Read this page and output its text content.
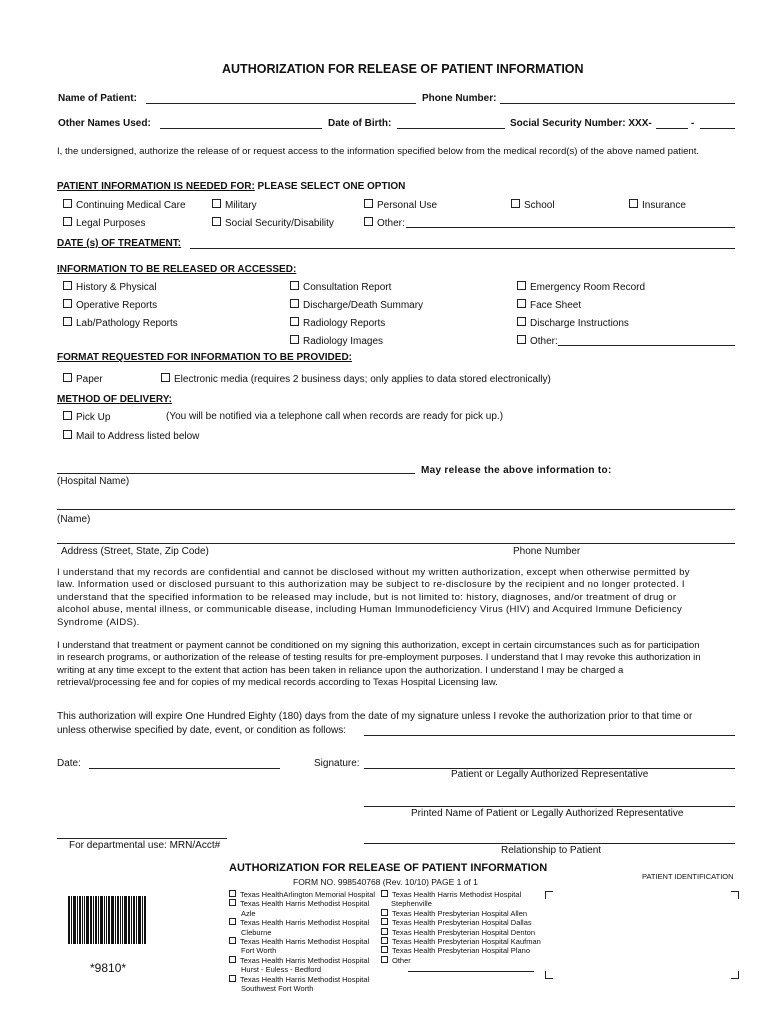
AUTHORIZATION FOR RELEASE OF PATIENT INFORMATION
Name of Patient:	Phone Number:
Other Names Used:	Date of Birth:	Social Security Number: XXX-	-
I, the undersigned, authorize the release of or request access to the information specified below from the medical record(s) of the above named patient.
PATIENT INFORMATION IS NEEDED FOR: PLEASE SELECT ONE OPTION
Continuing Medical Care	Military	Personal Use	School	Insurance
Legal Purposes	Social Security/Disability	Other:
DATE (s) OF TREATMENT:
INFORMATION TO BE RELEASED OR ACCESSED:
History & Physical
Operative Reports
Lab/Pathology Reports
Consultation Report
Discharge/Death Summary
Radiology Reports
Radiology Images
Emergency Room Record
Face Sheet
Discharge Instructions
Other:
FORMAT REQUESTED FOR INFORMATION TO BE PROVIDED:
Paper	Electronic media (requires 2 business days; only applies to data stored electronically)
METHOD OF DELIVERY:
Pick Up	(You will be notified via a telephone call when records are ready for pick up.)
Mail to Address listed below
May release the above information to:
(Hospital Name)
(Name)
Address (Street, State, Zip Code)	Phone Number
I understand that my records are confidential and cannot be disclosed without my written authorization, except when otherwise permitted by law. Information used or disclosed pursuant to this authorization may be subject to re-disclosure by the recipient and no longer protected. I understand that the specified information to be released may include, but is not limited to: history, diagnoses, and/or treatment of drug or alcohol abuse, mental illness, or communicable disease, including Human Immunodeficiency Virus (HIV) and Acquired Immune Deficiency Syndrome (AIDS).
I understand that treatment or payment cannot be conditioned on my signing this authorization, except in certain circumstances such as for participation in research programs, or authorization of the release of testing results for pre-employment purposes. I understand that I may revoke this authorization in writing at any time except to the extent that action has been taken in reliance upon the authorization. I understand I may be charged a retrieval/processing fee and for copies of my medical records according to Texas Hospital Licensing law.
This authorization will expire One Hundred Eighty (180) days from the date of my signature unless I revoke the authorization prior to that time or
unless otherwise specified by date, event, or condition as follows:
Date:	Signature:
Patient or Legally Authorized Representative
Printed Name of Patient or Legally Authorized Representative
For departmental use: MRN/Acct#	Relationship to Patient
AUTHORIZATION FOR RELEASE OF PATIENT INFORMATION
FORM NO. 998540768 (Rev. 10/10) PAGE 1 of 1
PATIENT IDENTIFICATION
*9810*
Texas HealthArlington Memorial Hospital
Texas Health Harris Methodist Hospital
Azle
Texas Health Harris Methodist Hospital
Cleburne
Texas Health Harris Methodist Hospital
Fort Worth
Texas Health Harris Methodist Hospital
Hurst - Euless - Bedford
Texas Health Harris Methodist Hospital
Southwest Fort Worth
Texas Health Harris Methodist Hospital
Stephenville
Texas Health Presbyterian Hospital Allen
Texas Health Presbyterian Hospital Dallas
Texas Health Presbyterian Hospital Denton
Texas Health Presbyterian Hospital Kaufman
Texas Health Presbyterian Hospital Plano
Other
